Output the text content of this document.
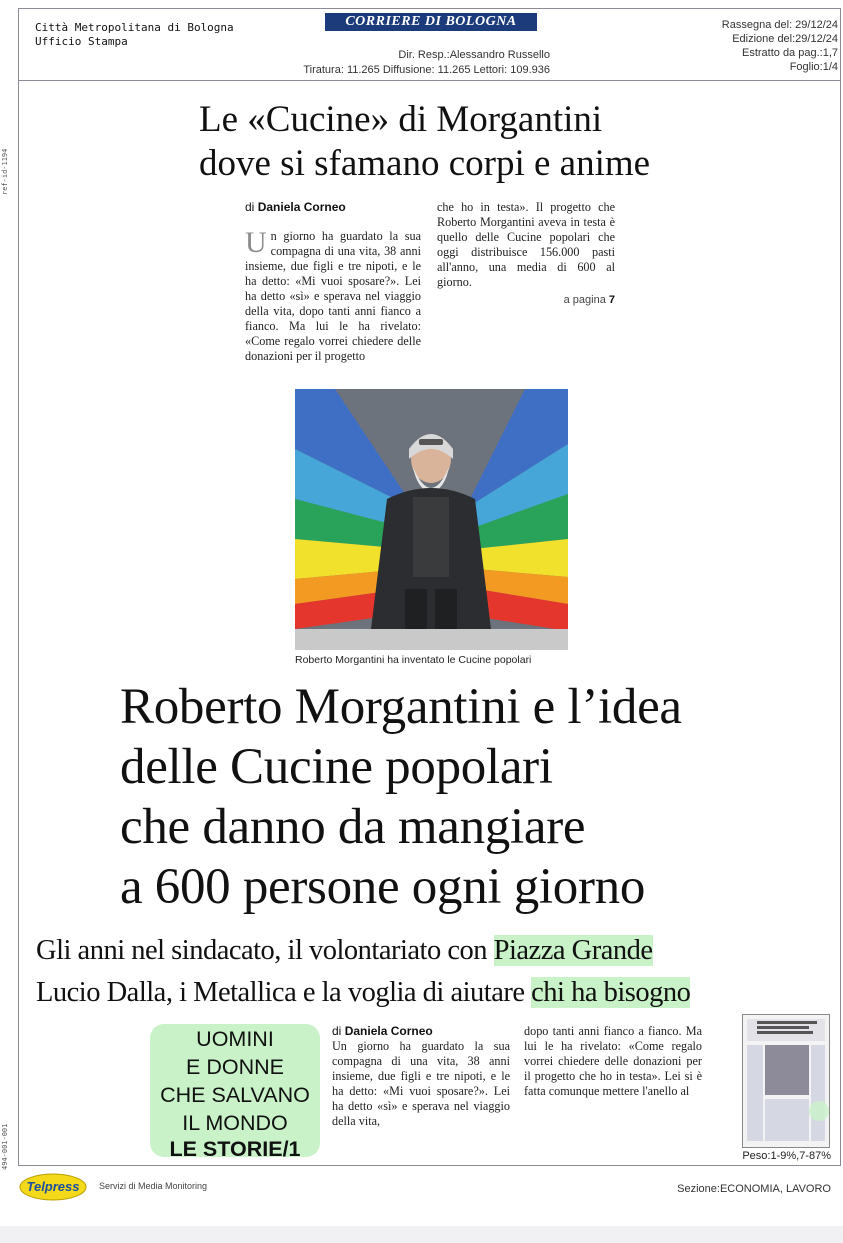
Città Metropolitana di Bologna
Ufficio Stampa
CORRIERE DI BOLOGNA
Dir. Resp.:Alessandro Russello
Tiratura: 11.265 Diffusione: 11.265 Lettori: 109.936
Rassegna del: 29/12/24
Edizione del:29/12/24
Estratto da pag.:1,7
Foglio:1/4
ref-id-1194
494-001-001
Le «Cucine» di Morgantini
dove si sfamano corpi e anime
di Daniela Corneo
Un giorno ha guardato la sua compagna di una vita, 38 anni insieme, due figli e tre nipoti, e le ha detto: «Mi vuoi sposare?». Lei ha detto «sì» e sperava nel viaggio della vita, dopo tanti anni fianco a fianco. Ma lui le ha rivelato: «Come regalo vorrei chiedere delle donazioni per il progetto
che ho in testa». Il progetto che Roberto Morgantini aveva in testa è quello delle Cucine popolari che oggi distribuisce 156.000 pasti all'anno, una media di 600 al giorno.
a pagina 7
Roberto Morgantini ha inventato le Cucine popolari
Roberto Morgantini e l’idea
delle Cucine popolari
che danno da mangiare
a 600 persone ogni giorno
Gli anni nel sindacato, il volontariato con Piazza Grande
Lucio Dalla, i Metallica e la voglia di aiutare chi ha bisogno
UOMINI
E DONNE
CHE SALVANO
IL MONDO
LE STORIE/1
di Daniela Corneo
Un giorno ha guardato la sua compagna di una vita, 38 anni insieme, due figli e tre nipoti, e le ha detto: «Mi vuoi sposare?». Lei ha detto «sì» e sperava nel viaggio della vita,
dopo tanti anni fianco a fianco. Ma lui le ha rivelato: «Come regalo vorrei chiedere delle donazioni per il progetto che ho in testa». Lei si è fatta comunque mettere l'anello al
Peso:1-9%,7-87%
Telpress	Servizi di Media Monitoring	Sezione:ECONOMIA, LAVORO
